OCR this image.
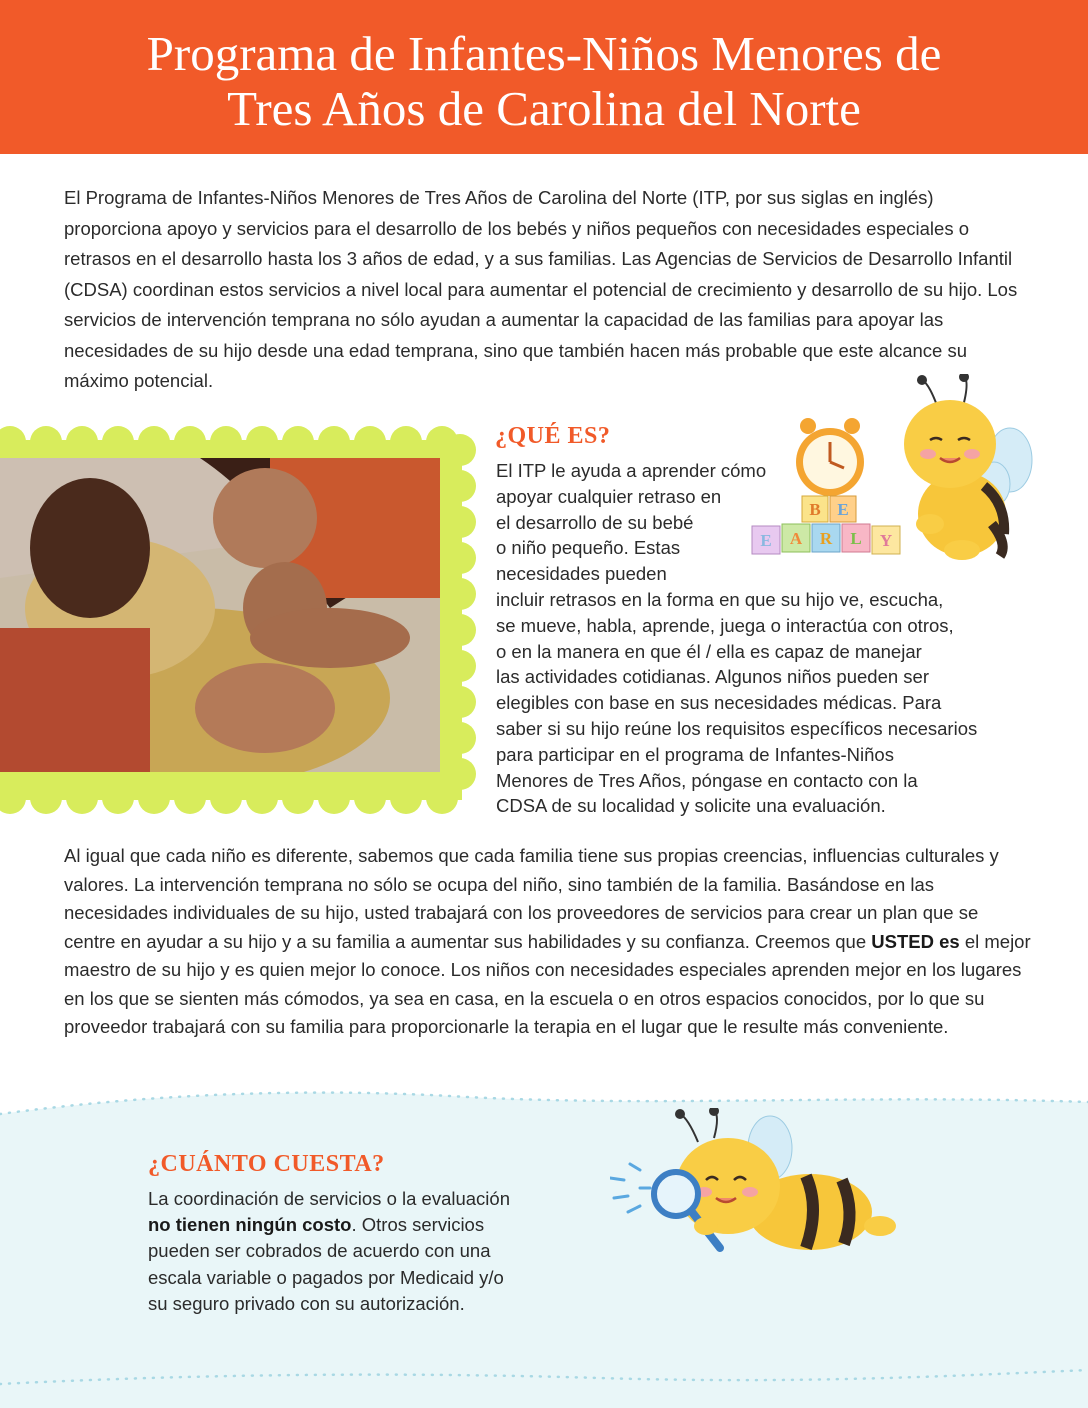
Programa de Infantes-Niños Menores de
Tres Años de Carolina del Norte

El Programa de Infantes-Niños Menores de Tres Años de Carolina del Norte (ITP, por sus siglas en inglés) proporciona apoyo y servicios para el desarrollo de los bebés y niños pequeños con necesidades especiales o retrasos en el desarrollo hasta los 3 años de edad, y a sus familias. Las Agencias de Servicios de Desarrollo Infantil (CDSA) coordinan estos servicios a nivel local para aumentar el potencial de crecimiento y desarrollo de su hijo. Los servicios de intervención temprana no sólo ayudan a aumentar la capacidad de las familias para apoyar las necesidades de su hijo desde una edad temprana, sino que también hacen más probable que este alcance su máximo potencial.

¿QUÉ ES?

El ITP le ayuda a aprender cómo
apoyar cualquier retraso en
el desarrollo de su bebé
o niño pequeño. Estas
necesidades pueden
incluir retrasos en la forma en que su hijo ve, escucha,
se mueve, habla, aprende, juega o interactúa con otros,
o en la manera en que él / ella es capaz de manejar
las actividades cotidianas. Algunos niños pueden ser
elegibles con base en sus necesidades médicas. Para
saber si su hijo reúne los requisitos específicos necesarios
para participar en el programa de Infantes-Niños
Menores de Tres Años, póngase en contacto con la
CDSA de su localidad y solicite una evaluación.

B E
E A R L Y

Al igual que cada niño es diferente, sabemos que cada familia tiene sus propias creencias, influencias culturales y valores. La intervención temprana no sólo se ocupa del niño, sino también de la familia. Basándose en las necesidades individuales de su hijo, usted trabajará con los proveedores de servicios para crear un plan que se centre en ayudar a su hijo y a su familia a aumentar sus habilidades y su confianza. Creemos que USTED es el mejor maestro de su hijo y es quien mejor lo conoce. Los niños con necesidades especiales aprenden mejor en los lugares en los que se sienten más cómodos, ya sea en casa, en la escuela o en otros espacios conocidos, por lo que su proveedor trabajará con su familia para proporcionarle la terapia en el lugar que le resulte más conveniente.

¿CUÁNTO CUESTA?

La coordinación de servicios o la evaluación
no tienen ningún costo. Otros servicios
pueden ser cobrados de acuerdo con una
escala variable o pagados por Medicaid y/o
su seguro privado con su autorización.
